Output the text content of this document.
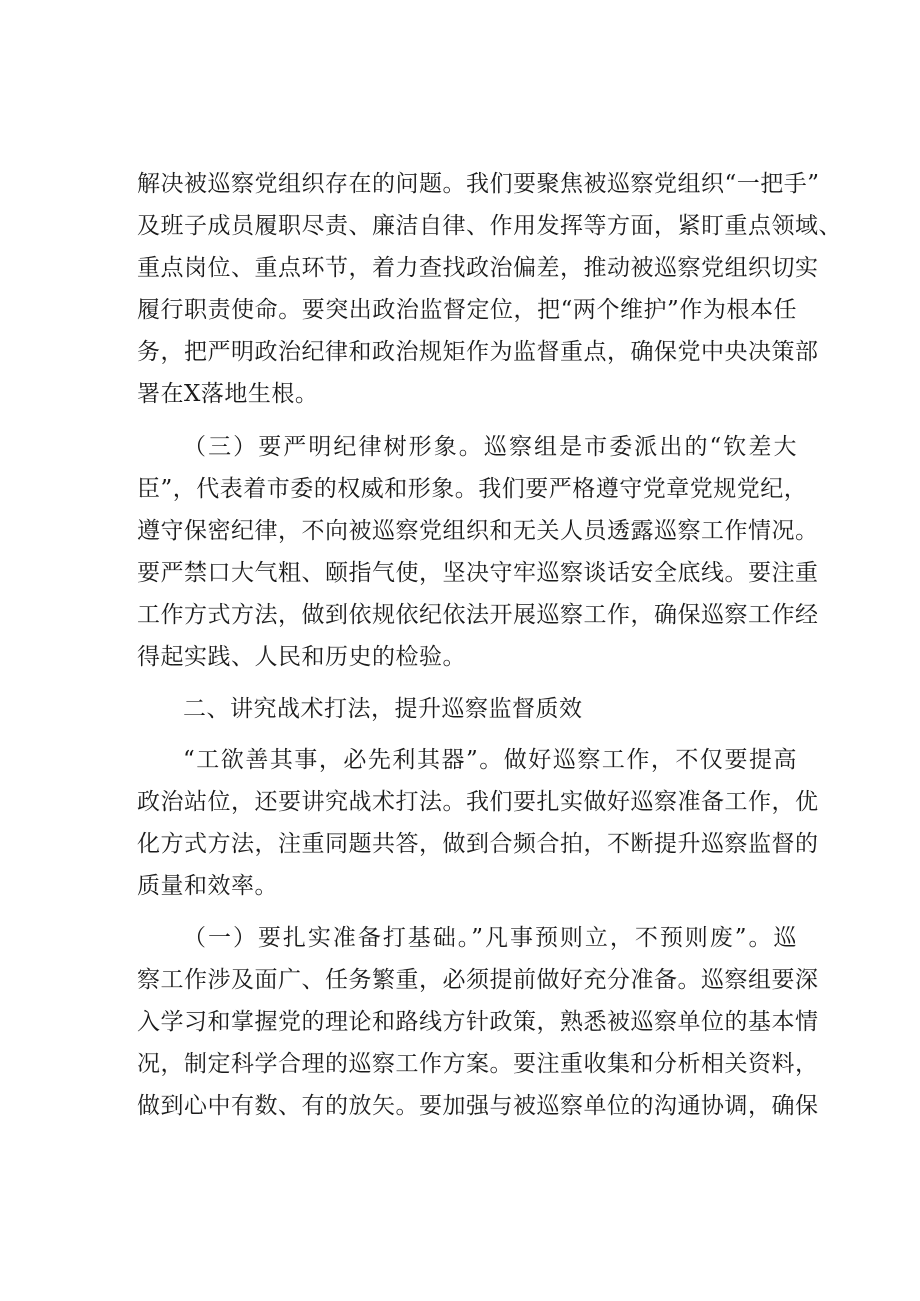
解决被巡察党组织存在的问题。我们要聚焦被巡察党组织“一把手”
及班子成员履职尽责、廉洁自律、作用发挥等方面，紧盯重点领域、
重点岗位、重点环节，着力查找政治偏差，推动被巡察党组织切实
履行职责使命。要突出政治监督定位，把“两个维护”作为根本任
务，把严明政治纪律和政治规矩作为监督重点，确保党中央决策部
署在X落地生根。
（三）要严明纪律树形象。巡察组是市委派出的“钦差大
臣”，代表着市委的权威和形象。我们要严格遵守党章党规党纪，
遵守保密纪律，不向被巡察党组织和无关人员透露巡察工作情况。
要严禁口大气粗、颐指气使，坚决守牢巡察谈话安全底线。要注重
工作方式方法，做到依规依纪依法开展巡察工作，确保巡察工作经
得起实践、人民和历史的检验。
二、讲究战术打法，提升巡察监督质效
“工欲善其事，必先利其器”。做好巡察工作，不仅要提高
政治站位，还要讲究战术打法。我们要扎实做好巡察准备工作，优
化方式方法，注重同题共答，做到合频合拍，不断提升巡察监督的
质量和效率。
（一）要扎实准备打基础。”凡事预则立，不预则废”。巡
察工作涉及面广、任务繁重，必须提前做好充分准备。巡察组要深
入学习和掌握党的理论和路线方针政策，熟悉被巡察单位的基本情
况，制定科学合理的巡察工作方案。要注重收集和分析相关资料，
做到心中有数、有的放矢。要加强与被巡察单位的沟通协调，确保
